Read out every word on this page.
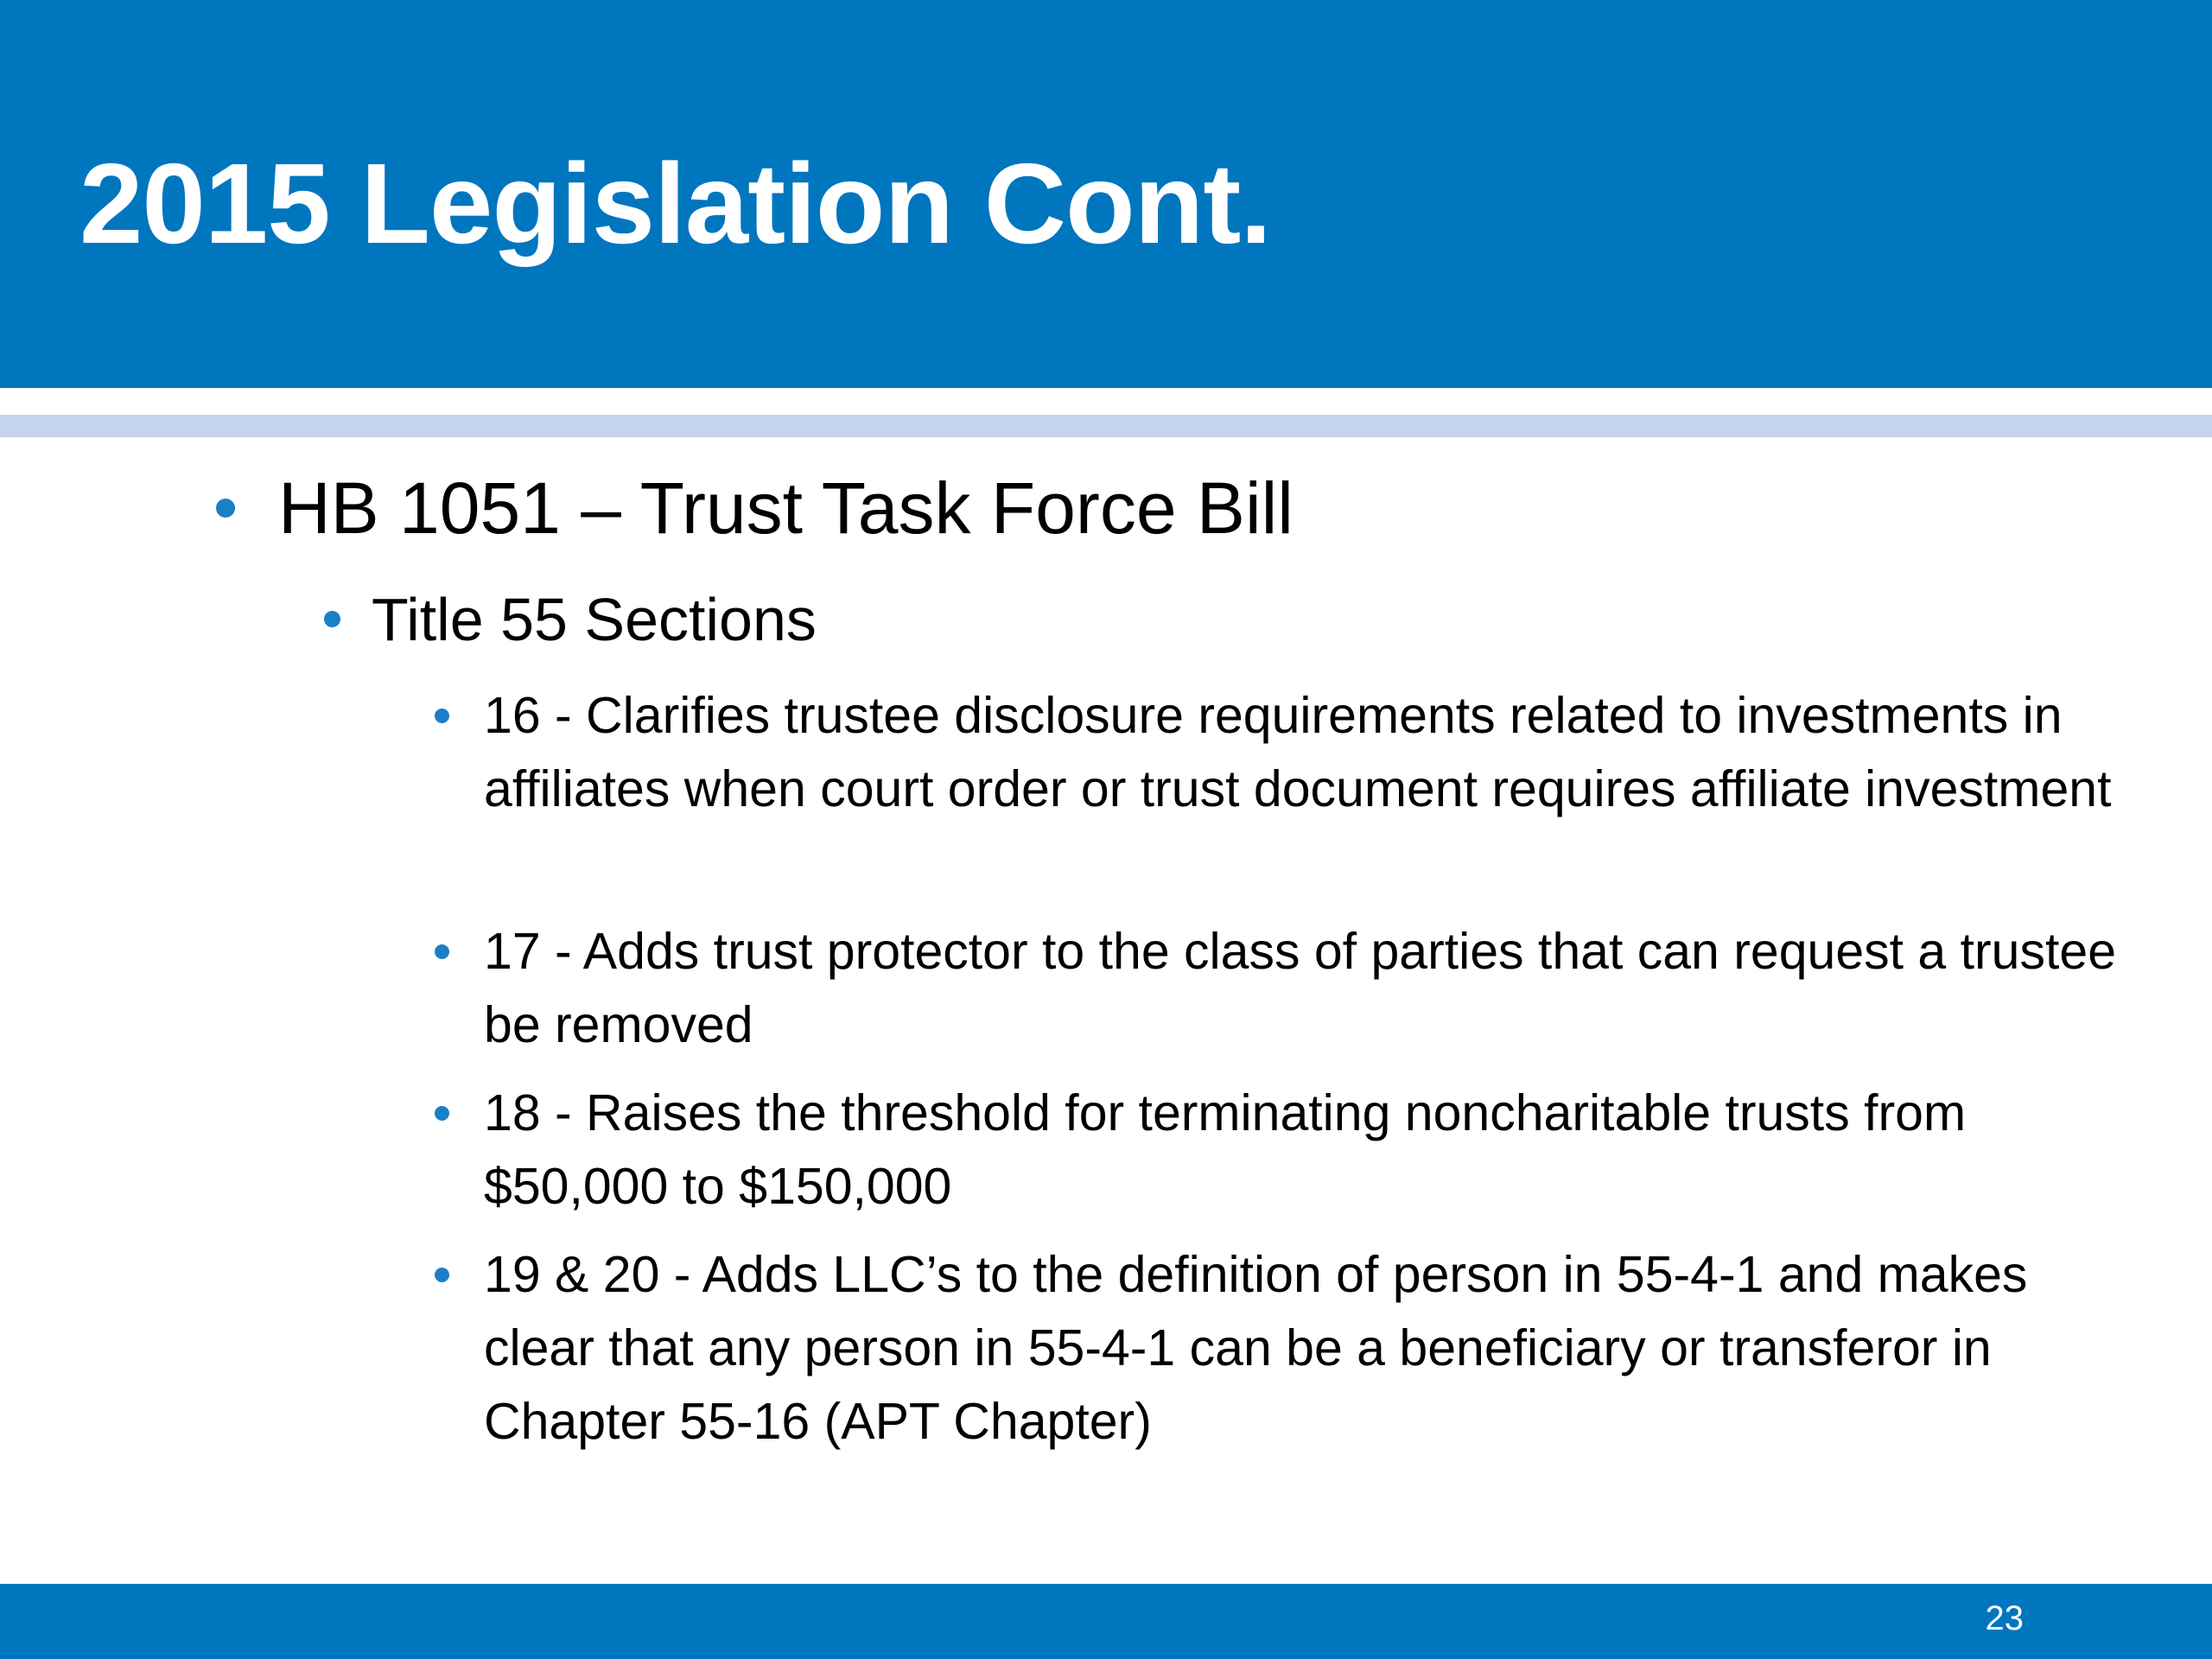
2015 Legislation Cont.
HB 1051 – Trust Task Force Bill
Title 55 Sections
16 - Clarifies trustee disclosure requirements related to investments in affiliates when court order or trust document requires affiliate investment
17 - Adds trust protector to the class of parties that can request a trustee be removed
18 - Raises the threshold for terminating noncharitable trusts from $50,000 to $150,000
19 & 20 - Adds LLC’s to the definition of person in 55-4-1 and makes clear that any person in 55-4-1 can be a beneficiary or transferor in Chapter 55-16 (APT Chapter)
23
